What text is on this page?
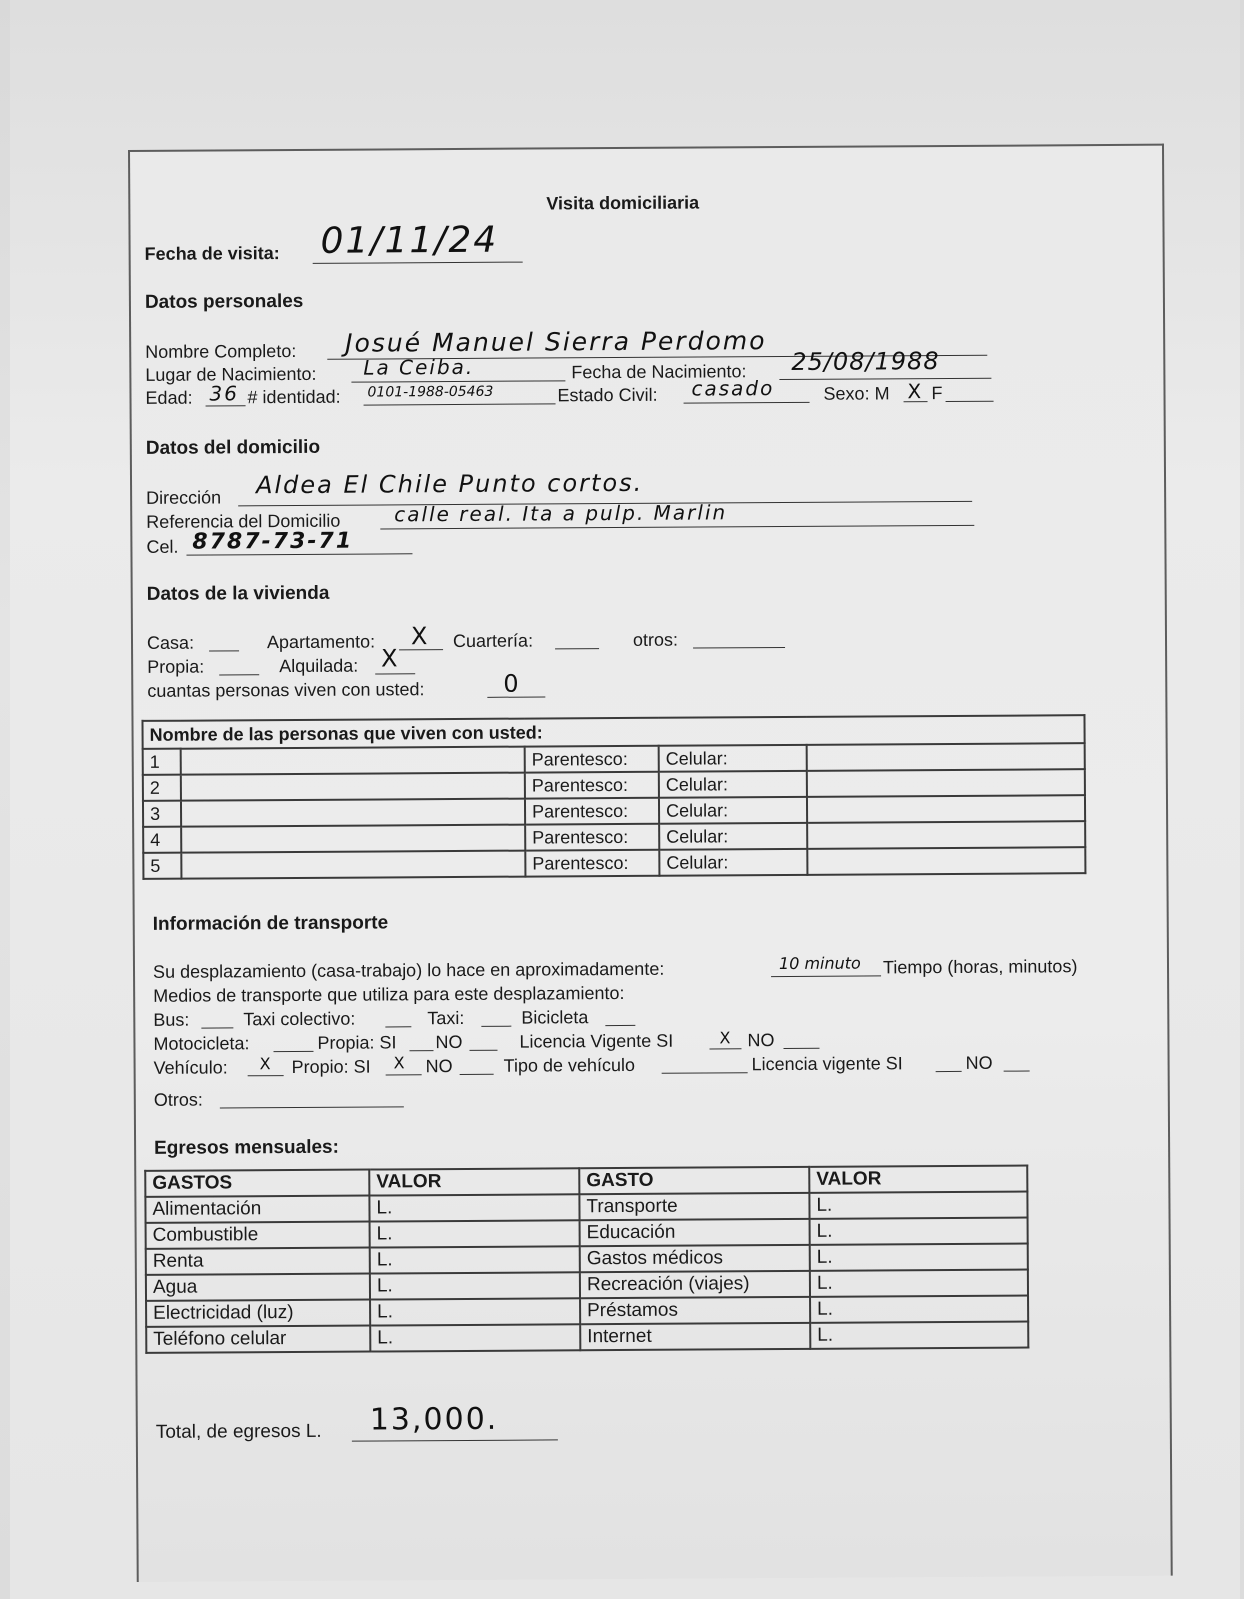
Visita domiciliaria
Fecha de visita: 01/11/24
Datos personales
Nombre Completo: Josué Manuel Sierra Perdomo
Lugar de Nacimiento: La Ceiba.	Fecha de Nacimiento: 25/08/1988
Edad: 36 # identidad: 0101-1988-05463	Estado Civil: casado	Sexo: M X F
Datos del domicilio
Dirección Aldea El Chile Punto cortos.
Referencia del Domicilio	calle real. Ita a pulp. Marlin
Cel. 8787-73-71
Datos de la vivienda
Casa:	Apartamento: X Cuartería:	otros:
Propia:	Alquilada: X
cuantas personas viven con usted:	0
Nombre de las personas que viven con usted:				
1		Parentesco:	Celular:	
2		Parentesco:	Celular:	
3		Parentesco:	Celular:	
4		Parentesco:	Celular:	
5		Parentesco:	Celular:	
Información de transporte
Su desplazamiento (casa-trabajo) lo hace en aproximadamente:	10 minuto Tiempo (horas, minutos)
Medios de transporte que utiliza para este desplazamiento:
Bus:	Taxi colectivo:	Taxi:	Bicicleta
Motocicleta:	Propia: SI NO	Licencia Vigente SI	X NO
Vehículo: X Propio: SI X NO	Tipo de vehículo	Licencia vigente SI	NO
Otros:
Egresos mensuales:
GASTOS	VALOR	GASTO	VALOR
Alimentación	L.	Transporte	L.
Combustible	L.	Educación	L.
Renta	L.	Gastos médicos	L.
Agua	L.	Recreación (viajes)	L.
Electricidad (luz)	L.	Préstamos	L.
Teléfono celular	L.	Internet	L.
Total, de egresos L. 13,000.
